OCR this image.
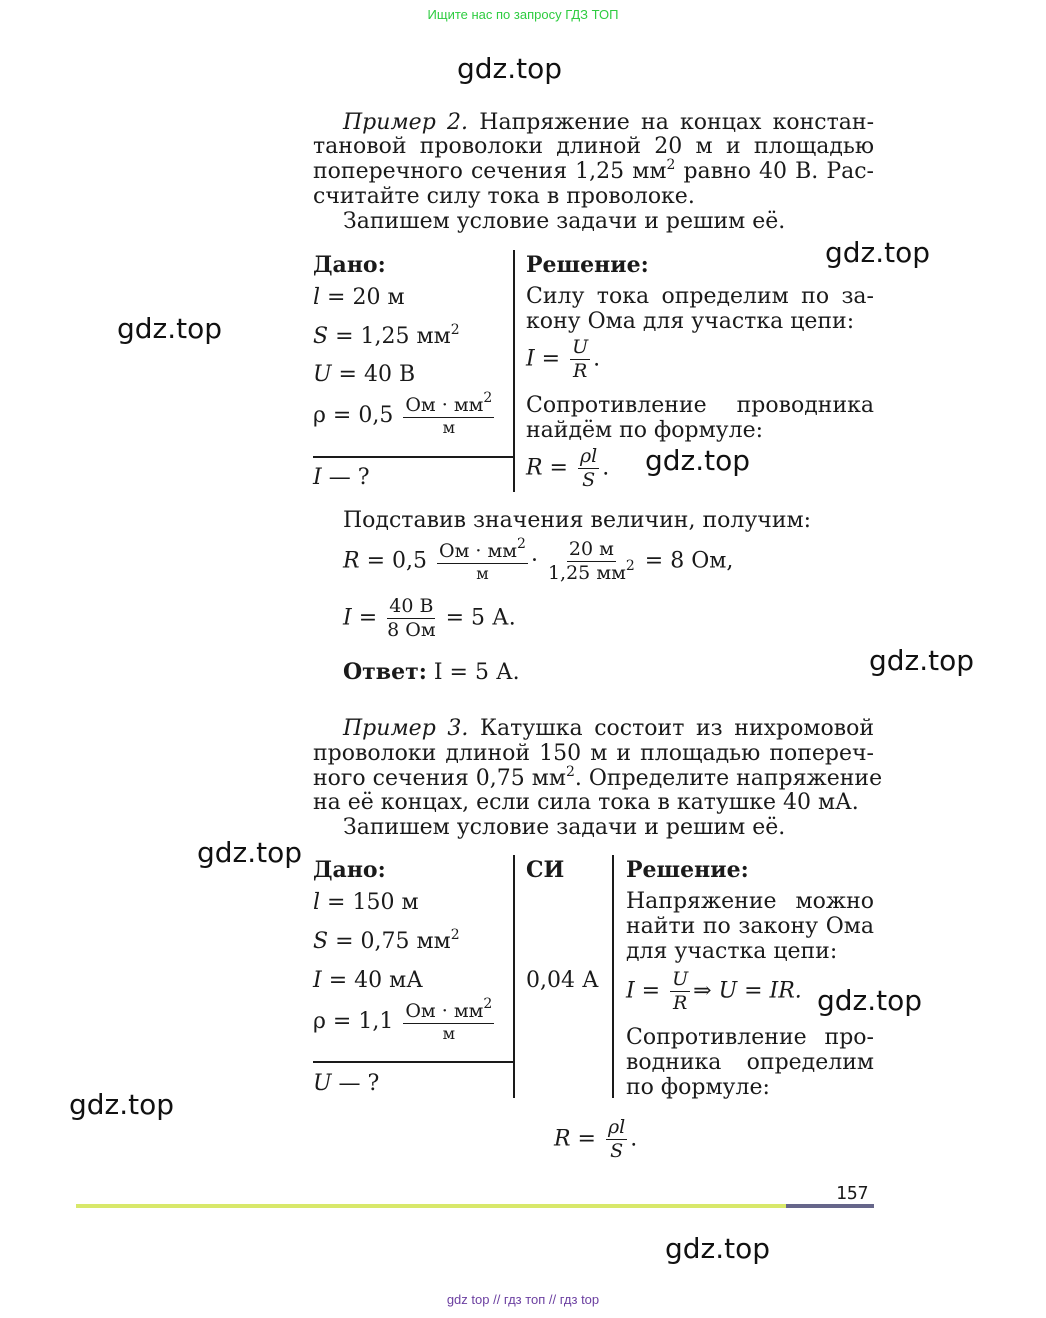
Ищите нас по запросу ГДЗ ТОП
gdz.top
gdz.top
gdz.top
gdz.top
gdz.top
gdz.top
gdz.top
gdz.top
gdz.top
Пример 2. Напряжение на концах констан-
тановой проволоки длиной 20 м и площадью
поперечного сечения 1,25 $мм^2$ равно 40 В. Рас-
считайте силу тока в проволоке.
Запишем условие задачи и решим её.
Дано:
l = 20 м
S = 1,25 $мм^2$
U = 40 В
$\rho = 0,5 \frac{Ом \cdot мм^2}{м}$
I — ?
Решение:
Силу тока определим по за-
кону Ома для участка цепи:
$I = \frac{U}{R}$ .
Сопротивление проводника
найдём по формуле:
$R = \frac{\rho l}{S}$ .
Подставив значения величин, получим:
$R = 0,5 \frac{Ом \cdot мм^2}{м} \cdot \frac{20 м}{1,25 мм^2} = 8$ Ом,
$I = \frac{40 В}{8 Ом} = 5$ А.
Ответ: I = 5 А.
Пример 3. Катушка состоит из нихромовой
проволоки длиной 150 м и площадью попереч-
ного сечения 0,75 $мм^2$. Определите напряжение
на её концах, если сила тока в катушке 40 мА.
Запишем условие задачи и решим её.
Дано:	СИ	Решение:
l = 150 м
S = 0,75 $мм^2$
I = 40 мА	0,04 А
$\rho = 1,1 \frac{Ом \cdot мм^2}{м}$
U — ?
Напряжение можно
найти по закону Ома
для участка цепи:
$I = \frac{U}{R}$ ⇒ U = IR.
Сопротивление про-
водника определим
по формуле:
$R = \frac{\rho l}{S}$ .
157
gdz top // гдз топ // гдз top
